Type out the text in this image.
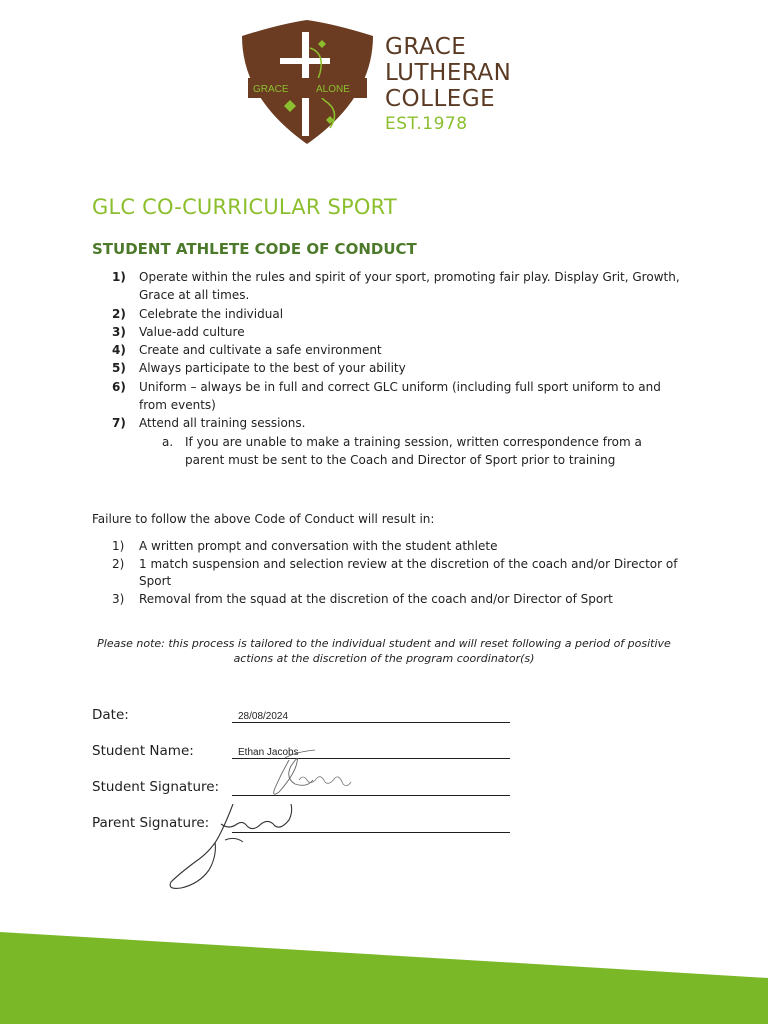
GRACE	ALONE
GRACE
LUTHERAN
COLLEGE
EST.1978
GLC CO-CURRICULAR SPORT
STUDENT ATHLETE CODE OF CONDUCT
1)	Operate within the rules and spirit of your sport, promoting fair play. Display Grit, Growth, Grace at all times.
2)	Celebrate the individual
3)	Value-add culture
4)	Create and cultivate a safe environment
5)	Always participate to the best of your ability
6)	Uniform – always be in full and correct GLC uniform (including full sport uniform to and from events)
7)	Attend all training sessions.
a. If you are unable to make a training session, written correspondence from a parent must be sent to the Coach and Director of Sport prior to training
Failure to follow the above Code of Conduct will result in:
1)	A written prompt and conversation with the student athlete
2)	1 match suspension and selection review at the discretion of the coach and/or Director of Sport
3)	Removal from the squad at the discretion of the coach and/or Director of Sport
Please note: this process is tailored to the individual student and will reset following a period of positive actions at the discretion of the program coordinator(s)
Date:	28/08/2024
Student Name:	Ethan Jacobs
Student Signature:
Parent Signature:
